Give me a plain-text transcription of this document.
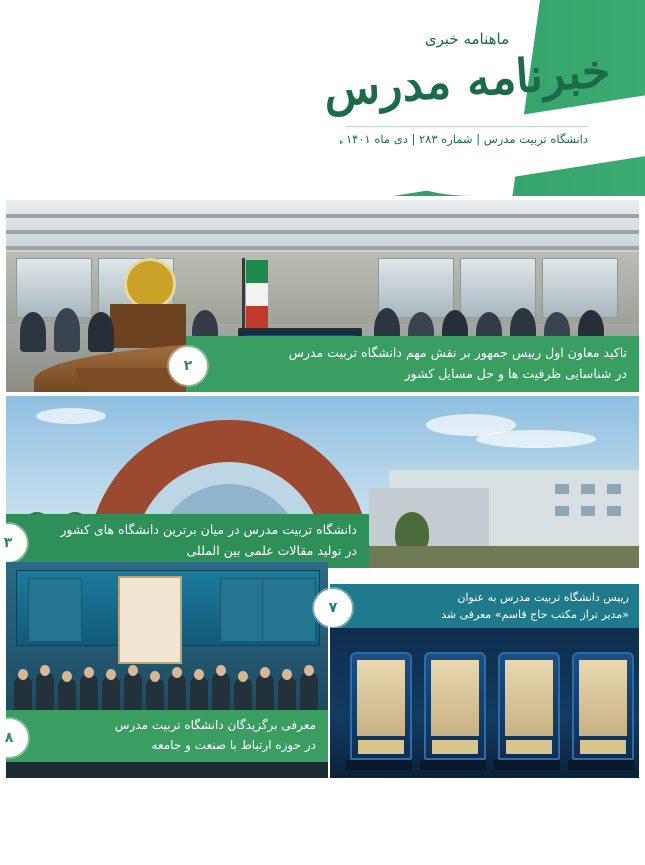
ᓬᓬᓬ
دانشگاه تربیت مدرس
ماهنامه خبری
خبرنامه مدرس
دانشگاه تربیت مدرس | شماره ۲۸۳ | دی ماه ۱۴۰۱
۲
تاکید معاون اول رییس جمهور بر نقش مهم دانشگاه تربیت مدرس
در شناسایی ظرفیت ها و حل مسایل کشور
۳
دانشگاه تربیت مدرس در میان برترین دانشگاه های کشور
در تولید مقالات علمی بین المللی
۷
رییس دانشگاه تربیت مدرس به عنوان
«مدیر تراز مکتب حاج قاسم» معرفی شد
۸
معرفی برگزیدگان دانشگاه تربیت مدرس
در حوزه ارتباط با صنعت و جامعه
